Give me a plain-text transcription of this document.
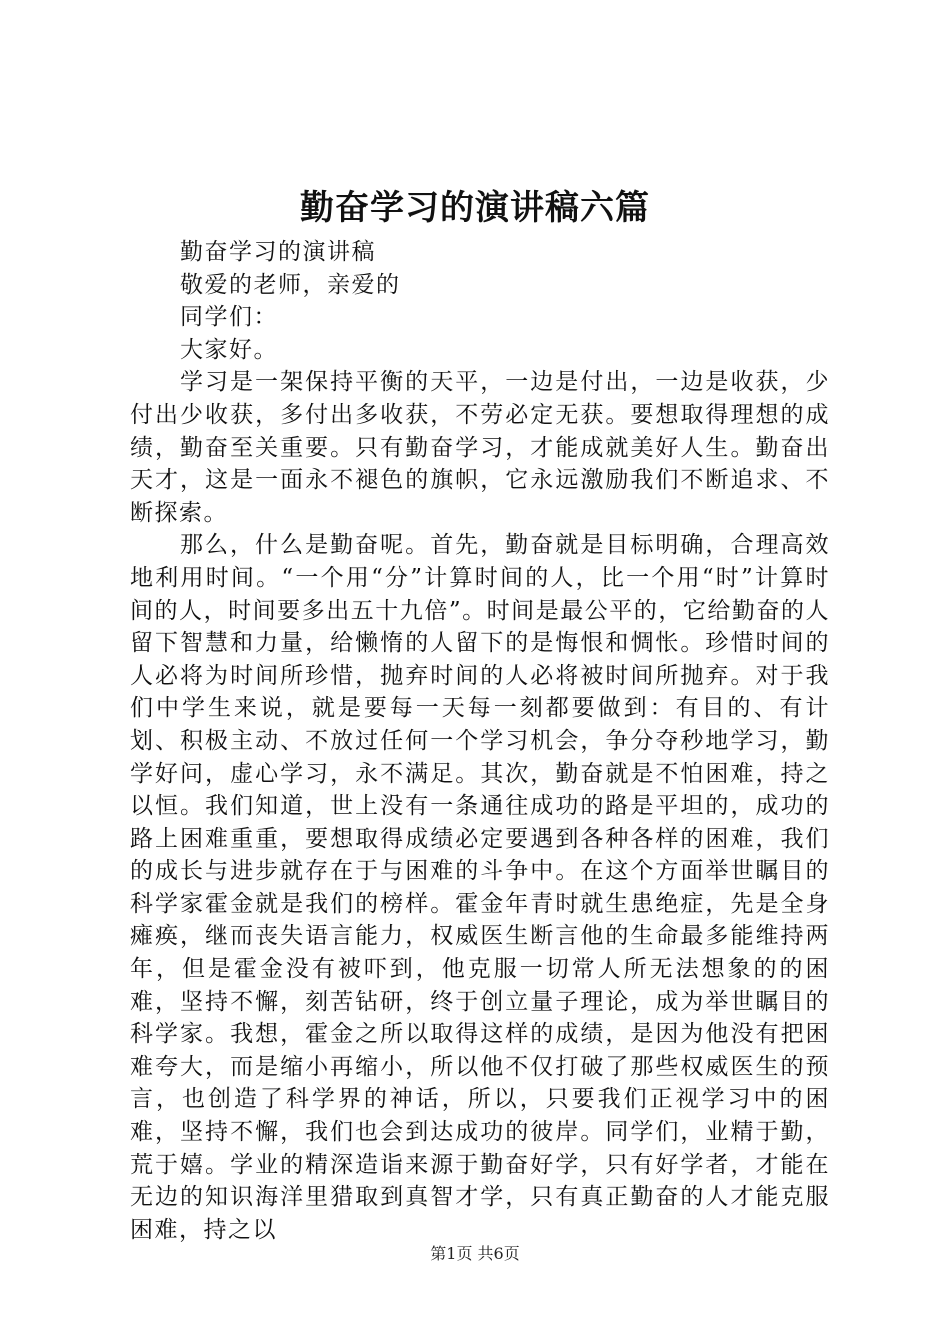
勤奋学习的演讲稿六篇

勤奋学习的演讲稿

敬爱的老师，亲爱的

同学们：

大家好。

学习是一架保持平衡的天平，一边是付出，一边是收获，少付出少收获，多付出多收获，不劳必定无获。要想取得理想的成绩，勤奋至关重要。只有勤奋学习，才能成就美好人生。勤奋出天才，这是一面永不褪色的旗帜，它永远激励我们不断追求、不断探索。

那么，什么是勤奋呢。首先，勤奋就是目标明确，合理高效地利用时间。“一个用“分”计算时间的人，比一个用“时”计算时间的人，时间要多出五十九倍”。时间是最公平的，它给勤奋的人留下智慧和力量，给懒惰的人留下的是悔恨和惆怅。珍惜时间的人必将为时间所珍惜，抛弃时间的人必将被时间所抛弃。对于我们中学生来说，就是要每一天每一刻都要做到：有目的、有计划、积极主动、不放过任何一个学习机会，争分夺秒地学习，勤学好问，虚心学习，永不满足。其次，勤奋就是不怕困难，持之以恒。我们知道，世上没有一条通往成功的路是平坦的，成功的路上困难重重，要想取得成绩必定要遇到各种各样的困难，我们的成长与进步就存在于与困难的斗争中。在这个方面举世瞩目的科学家霍金就是我们的榜样。霍金年青时就生患绝症，先是全身瘫痪，继而丧失语言能力，权威医生断言他的生命最多能维持两年，但是霍金没有被吓到，他克服一切常人所无法想象的的困难，坚持不懈，刻苦钻研，终于创立量子理论，成为举世瞩目的科学家。我想，霍金之所以取得这样的成绩，是因为他没有把困难夸大，而是缩小再缩小，所以他不仅打破了那些权威医生的预言，也创造了科学界的神话，所以，只要我们正视学习中的困难，坚持不懈，我们也会到达成功的彼岸。同学们，业精于勤，荒于嬉。学业的精深造诣来源于勤奋好学，只有好学者，才能在无边的知识海洋里猎取到真智才学，只有真正勤奋的人才能克服困难，持之以

第1页 共6页
